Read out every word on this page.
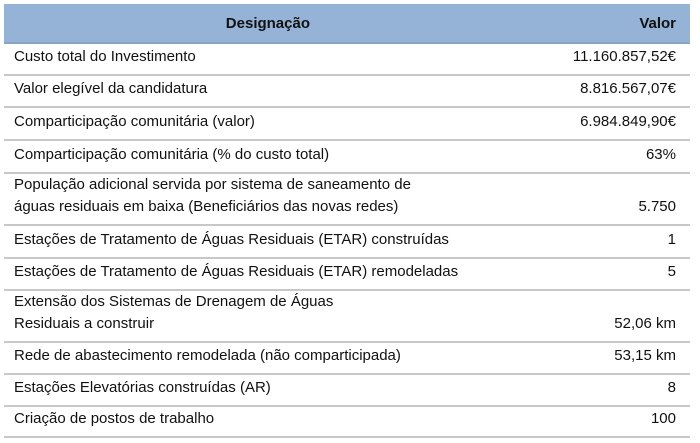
Designação	Valor
Custo total do Investimento	11.160.857,52€
Valor elegível da candidatura	8.816.567,07€
Comparticipação comunitária (valor)	6.984.849,90€
Comparticipação comunitária (% do custo total)	63%
População adicional servida por sistema de saneamento de águas residuais em baixa (Beneficiários das novas redes)	5.750
Estações de Tratamento de Águas Residuais (ETAR) construídas	1
Estações de Tratamento de Águas Residuais (ETAR) remodeladas	5
Extensão dos Sistemas de Drenagem de Águas Residuais a construir	52,06 km
Rede de abastecimento remodelada (não comparticipada)	53,15 km
Estações Elevatórias construídas (AR)	8
Criação de postos de trabalho	100
